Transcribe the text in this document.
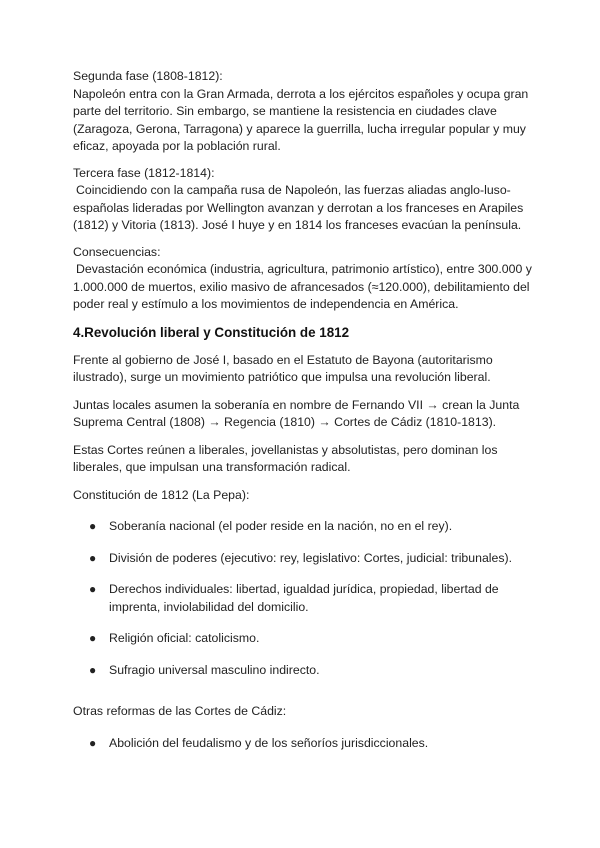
Segunda fase (1808-1812):

Napoleón entra con la Gran Armada, derrota a los ejércitos españoles y ocupa gran parte del territorio. Sin embargo, se mantiene la resistencia en ciudades clave (Zaragoza, Gerona, Tarragona) y aparece la guerrilla, lucha irregular popular y muy eficaz, apoyada por la población rural.

Tercera fase (1812-1814):

Coincidiendo con la campaña rusa de Napoleón, las fuerzas aliadas anglo-luso-españolas lideradas por Wellington avanzan y derrotan a los franceses en Arapiles (1812) y Vitoria (1813). José I huye y en 1814 los franceses evacúan la península.

Consecuencias:

Devastación económica (industria, agricultura, patrimonio artístico), entre 300.000 y 1.000.000 de muertos, exilio masivo de afrancesados (≈120.000), debilitamiento del poder real y estímulo a los movimientos de independencia en América.

4.Revolución liberal y Constitución de 1812

Frente al gobierno de José I, basado en el Estatuto de Bayona (autoritarismo ilustrado), surge un movimiento patriótico que impulsa una revolución liberal.

Juntas locales asumen la soberanía en nombre de Fernando VII → crean la Junta Suprema Central (1808) → Regencia (1810) → Cortes de Cádiz (1810-1813).

Estas Cortes reúnen a liberales, jovellanistas y absolutistas, pero dominan los liberales, que impulsan una transformación radical.

Constitución de 1812 (La Pepa):

● Soberanía nacional (el poder reside en la nación, no en el rey).
● División de poderes (ejecutivo: rey, legislativo: Cortes, judicial: tribunales).
● Derechos individuales: libertad, igualdad jurídica, propiedad, libertad de imprenta, inviolabilidad del domicilio.
● Religión oficial: catolicismo.
● Sufragio universal masculino indirecto.

Otras reformas de las Cortes de Cádiz:

● Abolición del feudalismo y de los señoríos jurisdiccionales.
